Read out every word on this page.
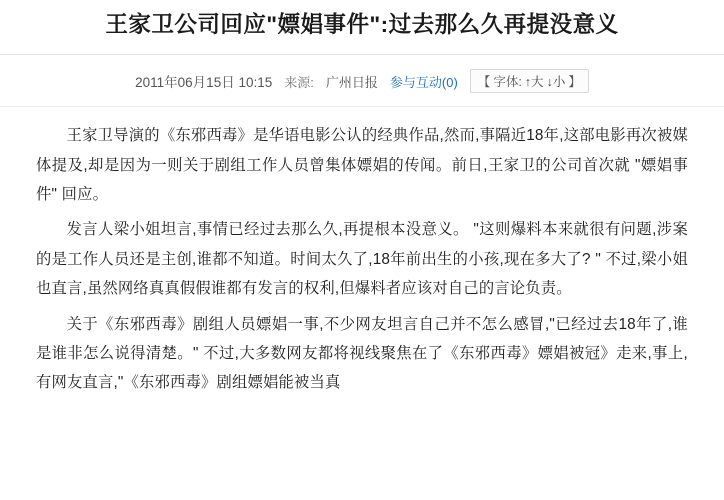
王家卫公司回应"嫖娼事件":过去那么久再提没意义
2011年06月15日 10:15 来源: 广州日报 参与互动(0) 【 字体: ↑大 ↓小 】

王家卫导演的《东邪西毒》是华语电影公认的经典作品,然而,事隔近18年,这部电影再次被媒体提及,却是因为一则关于剧组工作人员曾集体嫖娼的传闻。前日,王家卫的公司首次就 "嫖娼事件" 回应。

发言人梁小姐坦言,事情已经过去那么久,再提根本没意义。 "这则爆料本来就很有问题,涉案的是工作人员还是主创,谁都不知道。时间太久了,18年前出生的小孩,现在多大了? " 不过,梁小姐也直言,虽然网络真真假假谁都有发言的权利,但爆料者应该对自己的言论负责。

关于《东邪西毒》剧组人员嫖娼一事,不少网友坦言自己并不怎么感冒,"已经过去18年了,谁是谁非怎么说得清楚。" 不过,大多数网友都将视线聚焦在了《东邪西毒》嫖娼被冠》走来,事上,有网友直言,"《东邪西毒》剧组嫖娼能被当真
